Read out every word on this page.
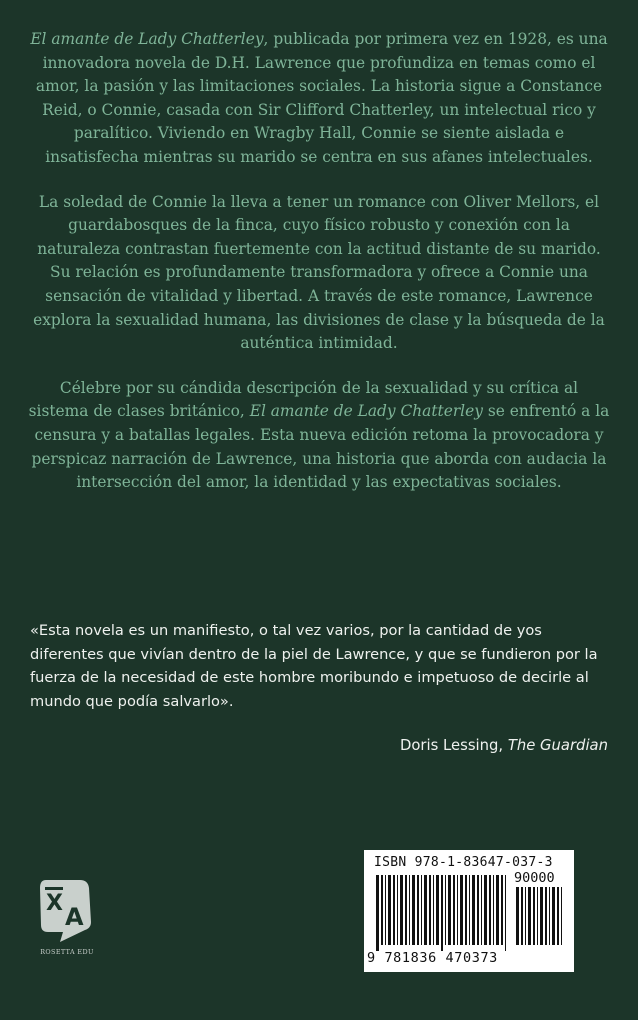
El amante de Lady Chatterley, publicada por primera vez en 1928, es una innovadora novela de D.H. Lawrence que profundiza en temas como el amor, la pasión y las limitaciones sociales. La historia sigue a Constance Reid, o Connie, casada con Sir Clifford Chatterley, un intelectual rico y paralítico. Viviendo en Wragby Hall, Connie se siente aislada e insatisfecha mientras su marido se centra en sus afanes intelectuales.

La soledad de Connie la lleva a tener un romance con Oliver Mellors, el guardabosques de la finca, cuyo físico robusto y conexión con la naturaleza contrastan fuertemente con la actitud distante de su marido. Su relación es profundamente transformadora y ofrece a Connie una sensación de vitalidad y libertad. A través de este romance, Lawrence explora la sexualidad humana, las divisiones de clase y la búsqueda de la auténtica intimidad.

Célebre por su cándida descripción de la sexualidad y su crítica al sistema de clases británico, El amante de Lady Chatterley se enfrentó a la censura y a batallas legales. Esta nueva edición retoma la provocadora y perspicaz narración de Lawrence, una historia que aborda con audacia la intersección del amor, la identidad y las expectativas sociales.

«Esta novela es un manifiesto, o tal vez varios, por la cantidad de yos diferentes que vivían dentro de la piel de Lawrence, y que se fundieron por la fuerza de la necesidad de este hombre moribundo e impetuoso de decirle al mundo que podía salvarlo».
Doris Lessing, The Guardian
X A
ROSETTA EDU
ISBN 978-1-83647-037-3
90000
9 781836 470373
